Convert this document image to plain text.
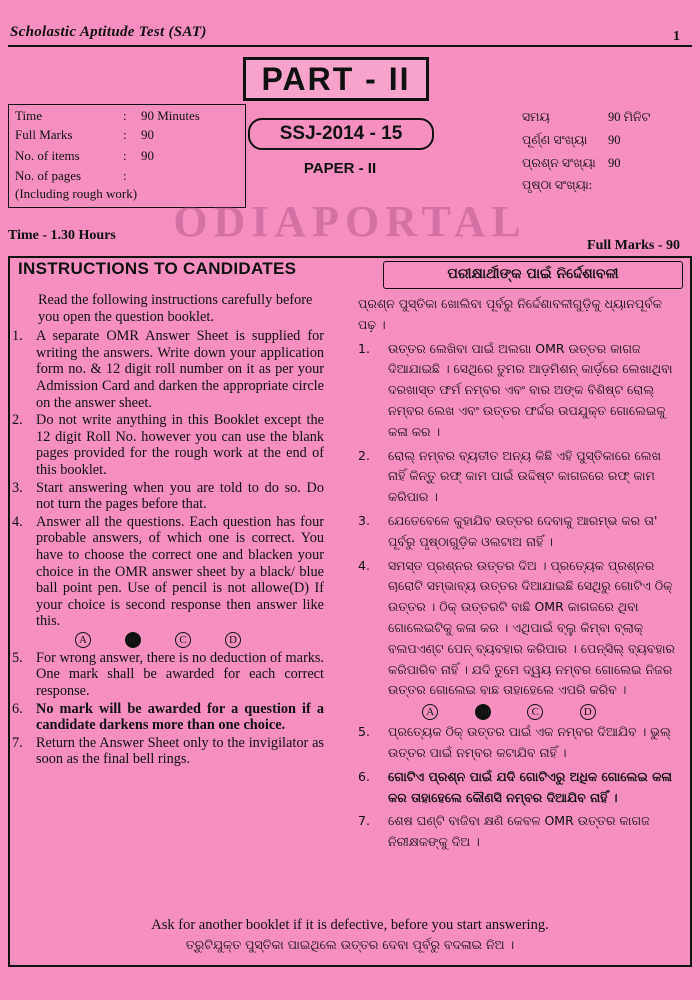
Scholastic Aptitude Test (SAT)	1
PART - II
Time	: 90 Minutes
Full Marks	: 90
No. of items	: 90
No. of pages	:
(Including rough work)
SSJ-2014 - 15
PAPER - II
ସମୟ	90 ମିନିଟ
ପୂର୍ଣ୍ଣ ସଂଖ୍ୟା 90
ପ୍ରଶ୍ନ ସଂଖ୍ୟା 90
ପୃଷ୍ଠା ସଂଖ୍ୟା:
ODIAPORTAL
Time - 1.30 Hours
Full Marks - 90
INSTRUCTIONS TO CANDIDATES	ପରୀକ୍ଷାର୍ଥୀଙ୍କ ପାଇଁ ନିର୍ଦ୍ଦେଶାବଳୀ
Read the following instructions carefully before you open the question booklet.
1. A separate OMR Answer Sheet is supplied for writing the answers. Write down your application form no. & 12 digit roll number on it as per your Admission Card and darken the appropriate circle on the answer sheet.
2. Do not write anything in this Booklet except the 12 digit Roll No. however you can use the blank pages provided for the rough work at the end of this booklet.
3. Start answering when you are told to do so. Do not turn the pages before that.
4. Answer all the questions. Each question has four probable answers, of which one is correct. You have to choose the correct one and blacken your choice in the OMR answer sheet by a black/ blue ball point pen. Use of pencil is not allowe(D) If your choice is second response then answer like this.
A	C	D
5. For wrong answer, there is no deduction of marks. One mark shall be awarded for each correct response.
6. No mark will be awarded for a question if a candidate darkens more than one choice.
7. Return the Answer Sheet only to the invigilator as soon as the final bell rings.
ପ୍ରଶ୍ନ ପୁସ୍ତିକା ଖୋଲିବା ପୂର୍ବରୁ ନିର୍ଦ୍ଦେଶାବଳୀଗୁଡ଼ିକୁ ଧ୍ୟାନପୂର୍ବକ ପଢ଼ ।
1. ଉତ୍ତର ଲେଖିବା ପାଇଁ ଅଲଗା OMR ଉତ୍ତର କାଗଜ ଦିଆଯାଇଛି । ସେଥିରେ ତୁମର ଆଡ଼ମିଶନ୍ କାର୍ଡ଼ରେ ଲେଖାଥିବା ଦରଖାସ୍ତ ଫର୍ମ ନମ୍ବର ଏବଂ ବାର ଅଙ୍କ ବିଶିଷ୍ଟ ରୋଲ୍ ନମ୍ବର ଲେଖ ଏବଂ ଉତ୍ତର ଫର୍ଦ୍ଦର ଉପଯୁକ୍ତ ଗୋଲେଇକୁ କଳା କର ।
2. ରୋଲ୍ ନମ୍ବର ବ୍ୟତୀତ ଅନ୍ୟ କିଛି ଏହି ପୁସ୍ତିକାରେ ଲେଖ ନାହିଁ କିନ୍ତୁ ରଫ୍ କାମ ପାଇଁ ଉଦ୍ଦିଷ୍ଟ କାଗଜରେ ରଫ୍ କାମ କରିପାର ।
3. ଯେତେବେଳେ କୁହାଯିବ ଉତ୍ତର ଦେବାକୁ ଆରମ୍ଭ କର ତା' ପୂର୍ବରୁ ପୃଷ୍ଠାଗୁଡ଼ିକ ଓଲଟାଅ ନାହିଁ ।
4. ସମସ୍ତ ପ୍ରଶ୍ନର ଉତ୍ତର ଦିଅ । ପ୍ରତ୍ୟେକ ପ୍ରଶ୍ନର ଚାରୋଟି ସମ୍ଭାବ୍ୟ ଉତ୍ତର ଦିଆଯାଇଛି ସେଥିରୁ ଗୋଟିଏ ଠିକ୍ ଉତ୍ତର । ଠିକ୍ ଉତ୍ତରଟି ବାଛି OMR କାଗଜରେ ଥିବା ଗୋଲେଇଟିକୁ କଳା କର । ଏଥିପାଇଁ ବ୍ଲୁ କିମ୍ବା ବ୍ଲାକ୍ ବଲପଏଣ୍ଟ ପେନ୍ ବ୍ୟବହାର କରିପାର । ପେନ୍ସିଲ୍ ବ୍ୟବହାର କରିପାରିବ ନାହିଁ । ଯଦି ତୁମେ ଦ୍ୱୟ ନମ୍ବର ଗୋଲେଇ ନିଜର ଉତ୍ତର ଗୋଲେଇ ବାଛ ତାହାହେଲେ ଏପରି କରିବ ।
A	C	D
5. ପ୍ରତ୍ୟେକ ଠିକ୍ ଉତ୍ତର ପାଇଁ ଏକ ନମ୍ବର ଦିଆଯିବ । ଭୁଲ୍ ଉତ୍ତର ପାଇଁ ନମ୍ବର କଟାଯିବ ନାହିଁ ।
6. ଗୋଟିଏ ପ୍ରଶ୍ନ ପାଇଁ ଯଦି ଗୋଟିଏରୁ ଅଧିକ ଗୋଲେଇ କଳା କର ତାହାହେଲେ କୌଣସି ନମ୍ବର ଦିଆଯିବ ନାହିଁ ।
7. ଶେଷ ଘଣ୍ଟି ବାଜିବା କ୍ଷଣି କେବଳ OMR ଉତ୍ତର କାଗଜ ନିରୀକ୍ଷକଙ୍କୁ ଦିଅ ।
Ask for another booklet if it is defective, before you start answering.
ତ୍ରୁଟିଯୁକ୍ତ ପୁସ୍ତିକା ପାଇଥିଲେ ଉତ୍ତର ଦେବା ପୂର୍ବରୁ ବଦଳାଇ ନିଅ ।
